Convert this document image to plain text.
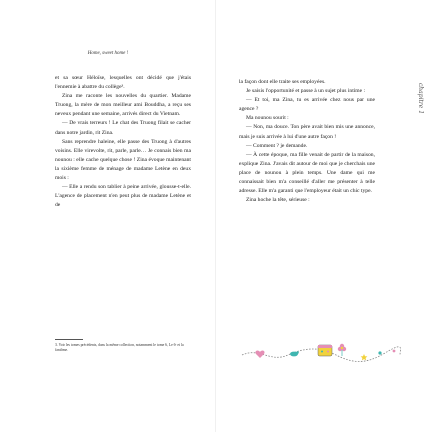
Home, sweet home !

et sa sœur Héloïse, lesquelles ont décidé que j'étais l'ennemie à abattre du collège³.

Zina me raconte les nouvelles du quartier. Madame Truong, la mère de mon meilleur ami Bouddha, a reçu ses neveux pendant une semaine, arrivés direct du Vietnam.

— De vrais terreurs ! Le chat des Truong filait se cacher dans notre jardin, rit Zina.

Sans reprendre haleine, elle passe des Truong à d'autres voisins. Elle virevolte, rit, parle, parle… Je connais bien ma nounou : elle cache quelque chose ! Zina évoque maintenant la sixième femme de ménage de madame Letène en deux mois :

— Elle a rendu son tablier à peine arrivée, glousse-t-elle. L'agence de placement n'en peut plus de madame Letène et de

3. Voir les tomes précédents, dans la même collection, notamment le tome 6, Le 6ᵉ et la fantôme.

la façon dont elle traite ses employées.

Je saisis l'opportunité et passe à un sujet plus intime :

— Et toi, ma Zina, tu es arrivée chez nous par une agence ?

Ma nounou sourit :

— Non, ma douce. Ton père avait bien mis une annonce, mais je suis arrivée à lui d'une autre façon !

— Comment ? je demande.

— À cette époque, ma fille venait de partir de la maison, explique Zina. J'avais dit autour de moi que je cherchais une place de nounou à plein temps. Une dame qui me connaissait bien m'a conseillé d'aller me présenter à telle adresse. Elle m'a garanti que l'employeur était un chic type.

Zina hoche la tête, sérieuse :

chapitre 1
